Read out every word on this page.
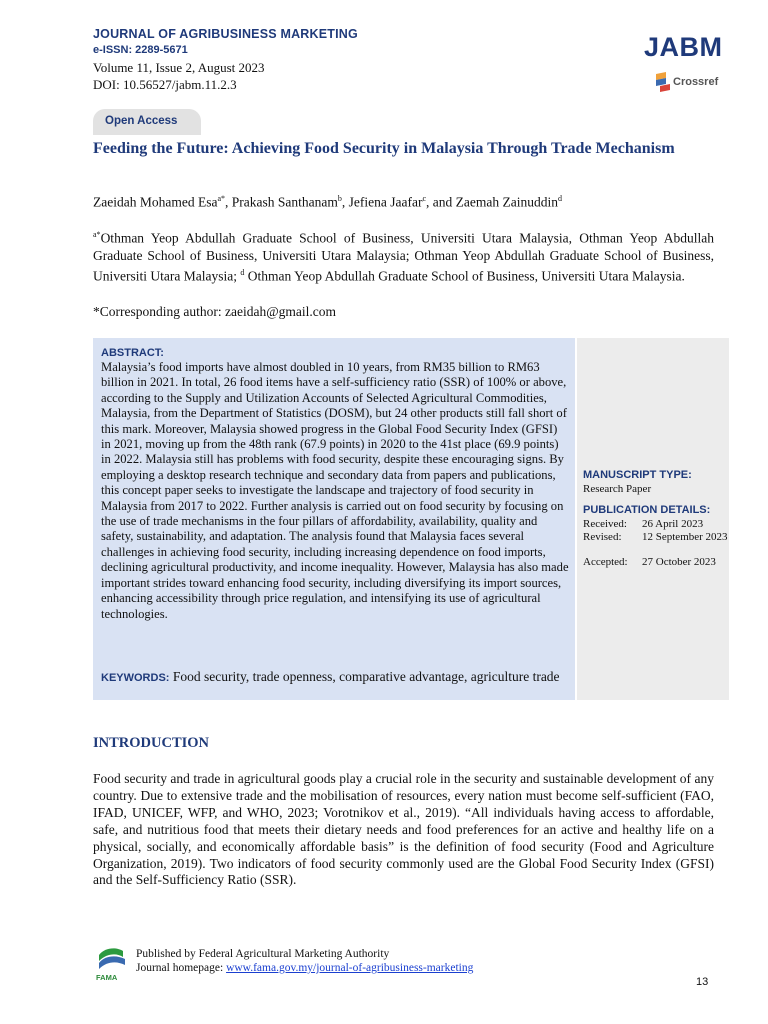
JOURNAL OF AGRIBUSINESS MARKETING
e-ISSN: 2289-5671
Volume 11, Issue 2, August 2023
DOI: 10.56527/jabm.11.2.3
JABM
Crossref
Open Access
Feeding the Future: Achieving Food Security in Malaysia Through Trade Mechanism
Zaeidah Mohamed Esa$^{a*}$, Prakash Santhanam$^b$, Jefiena Jaafar$^c$, and Zaemah Zainuddin$^d$
$^{a*}$Othman Yeop Abdullah Graduate School of Business, Universiti Utara Malaysia, Othman Yeop Abdullah Graduate School of Business, Universiti Utara Malaysia; Othman Yeop Abdullah Graduate School of Business, Universiti Utara Malaysia; $^d$ Othman Yeop Abdullah Graduate School of Business, Universiti Utara Malaysia.
*Corresponding author: zaeidah@gmail.com
ABSTRACT:
Malaysia’s food imports have almost doubled in 10 years, from RM35 billion to RM63 billion in 2021. In total, 26 food items have a self-sufficiency ratio (SSR) of 100% or above, according to the Supply and Utilization Accounts of Selected Agricultural Commodities, Malaysia, from the Department of Statistics (DOSM), but 24 other products still fall short of this mark. Moreover, Malaysia showed progress in the Global Food Security Index (GFSI) in 2021, moving up from the 48th rank (67.9 points) in 2020 to the 41st place (69.9 points) in 2022. Malaysia still has problems with food security, despite these encouraging signs. By employing a desktop research technique and secondary data from papers and publications, this concept paper seeks to investigate the landscape and trajectory of food security in Malaysia from 2017 to 2022. Further analysis is carried out on food security by focusing on the use of trade mechanisms in the four pillars of affordability, availability, quality and safety, sustainability, and adaptation. The analysis found that Malaysia faces several challenges in achieving food security, including increasing dependence on food imports, declining agricultural productivity, and income inequality. However, Malaysia has also made important strides toward enhancing food security, including diversifying its import sources, enhancing accessibility through price regulation, and intensifying its use of agricultural technologies.
KEYWORDS: Food security, trade openness, comparative advantage, agriculture trade
MANUSCRIPT TYPE:
Research Paper
PUBLICATION DETAILS:
Received:	26 April 2023
Revised:	12 September 2023
Accepted:	27 October 2023
INTRODUCTION
Food security and trade in agricultural goods play a crucial role in the security and sustainable development of any country. Due to extensive trade and the mobilisation of resources, every nation must become self-sufficient (FAO, IFAD, UNICEF, WFP, and WHO, 2023; Vorotnikov et al., 2019). “All individuals having access to affordable, safe, and nutritious food that meets their dietary needs and food preferences for an active and healthy life on a physical, socially, and economically affordable basis” is the definition of food security (Food and Agriculture Organization, 2019). Two indicators of food security commonly used are the Global Food Security Index (GFSI) and the Self-Sufficiency Ratio (SSR).
FAMA
Published by Federal Agricultural Marketing Authority
Journal homepage: www.fama.gov.my/journal-of-agribusiness-marketing
13
